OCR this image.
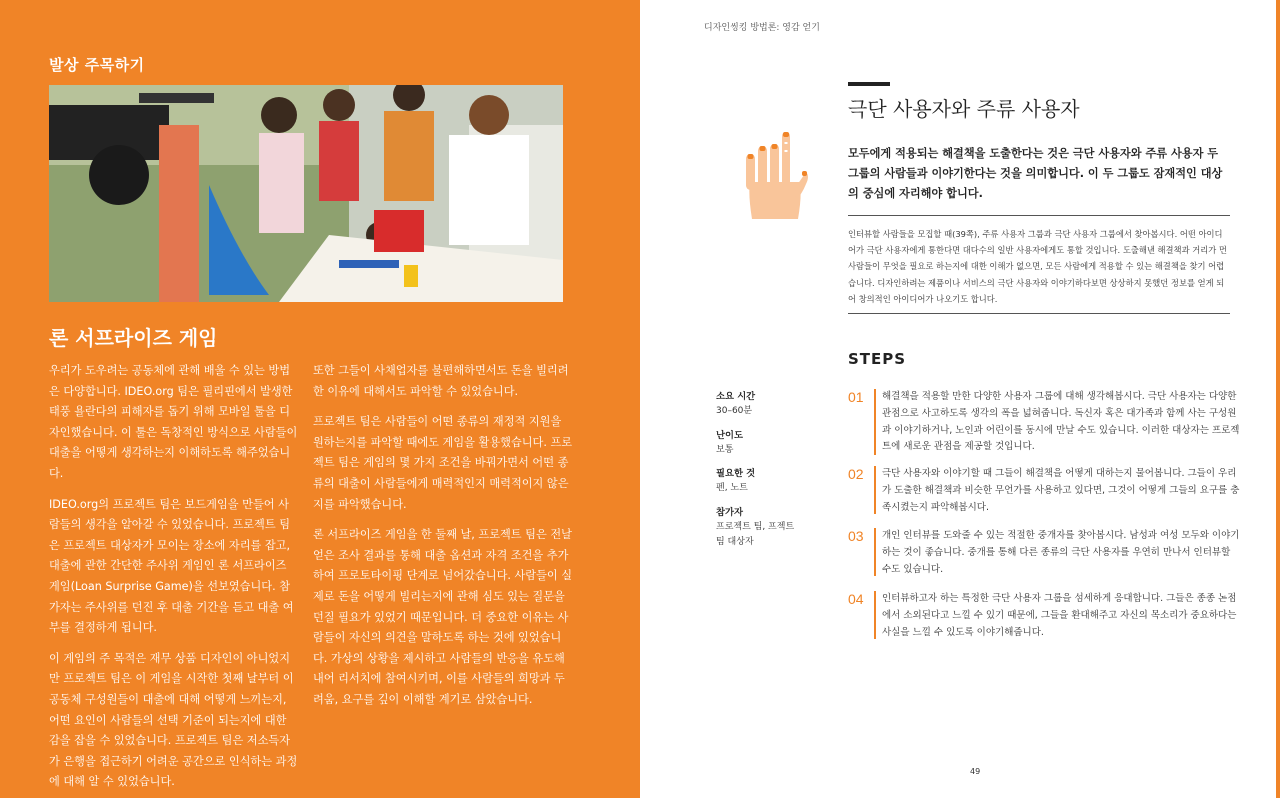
발상 주목하기
론 서프라이즈 게임

우리가 도우려는 공동체에 관해 배울 수 있는 방법은 다양합니다. IDEO.org 팀은 필리핀에서 발생한 태풍 욜란다의 피해자를 돕기 위해 모바일 툴을 디자인했습니다. 이 툴은 독창적인 방식으로 사람들이 대출을 어떻게 생각하는지 이해하도록 해주었습니다.

IDEO.org의 프로젝트 팀은 보드게임을 만들어 사람들의 생각을 알아갈 수 있었습니다. 프로젝트 팀은 프로젝트 대상자가 모이는 장소에 자리를 잡고, 대출에 관한 간단한 주사위 게임인 론 서프라이즈 게임(Loan Surprise Game)을 선보였습니다. 참가자는 주사위를 던진 후 대출 기간을 듣고 대출 여부를 결정하게 됩니다.

이 게임의 주 목적은 재무 상품 디자인이 아니었지만 프로젝트 팀은 이 게임을 시작한 첫째 날부터 이 공동체 구성원들이 대출에 대해 어떻게 느끼는지, 어떤 요인이 사람들의 선택 기준이 되는지에 대한 감을 잡을 수 있었습니다. 프로젝트 팀은 저소득자가 은행을 접근하기 어려운 공간으로 인식하는 과정에 대해 알 수 있었습니다.

또한 그들이 사채업자를 불편해하면서도 돈을 빌리려 한 이유에 대해서도 파악할 수 있었습니다.

프로젝트 팀은 사람들이 어떤 종류의 재정적 지원을 원하는지를 파악할 때에도 게임을 활용했습니다. 프로젝트 팀은 게임의 몇 가지 조건을 바꿔가면서 어떤 종류의 대출이 사람들에게 매력적인지 매력적이지 않은지를 파악했습니다.

론 서프라이즈 게임을 한 둘째 날, 프로젝트 팀은 전날 얻은 조사 결과를 통해 대출 옵션과 자격 조건을 추가하여 프로토타이핑 단계로 넘어갔습니다. 사람들이 실제로 돈을 어떻게 빌리는지에 관해 심도 있는 질문을 던질 필요가 있었기 때문입니다. 더 중요한 이유는 사람들이 자신의 의견을 말하도록 하는 것에 있었습니다. 가상의 상황을 제시하고 사람들의 반응을 유도해내어 리서치에 참여시키며, 이를 사람들의 희망과 두려움, 요구를 깊이 이해할 계기로 삼았습니다.

디자인씽킹 방법론: 영감 얻기
극단 사용자와 주류 사용자
모두에게 적용되는 해결책을 도출한다는 것은 극단 사용자와 주류 사용자 두 그룹의 사람들과 이야기한다는 것을 의미합니다. 이 두 그룹도 잠재적인 대상의 중심에 자리해야 합니다.
인터뷰할 사람들을 모집할 때(39쪽), 주류 사용자 그룹과 극단 사용자 그룹에서 찾아봅시다. 어떤 아이디어가 극단 사용자에게 통한다면 대다수의 일반 사용자에게도 통할 것입니다. 도출해낸 해결책과 거리가 먼 사람들이 무엇을 필요로 하는지에 대한 이해가 없으면, 모든 사람에게 적용할 수 있는 해결책을 찾기 어렵습니다. 디자인하려는 제품이나 서비스의 극단 사용자와 이야기하다보면 상상하지 못했던 정보를 얻게 되어 창의적인 아이디어가 나오기도 합니다.
STEPS
소요 시간
30–60분
난이도
보통
필요한 것
펜, 노트
참가자
프로젝트 팀, 프젝트팀 대상자
01 해결책을 적용할 만한 다양한 사용자 그룹에 대해 생각해봅시다. 극단 사용자는 다양한 관점으로 사고하도록 생각의 폭을 넓혀줍니다. 독신자 혹은 대가족과 함께 사는 구성원과 이야기하거나, 노인과 어린이를 동시에 만날 수도 있습니다. 이러한 대상자는 프로젝트에 새로운 관점을 제공할 것입니다.
02 극단 사용자와 이야기할 때 그들이 해결책을 어떻게 대하는지 물어봅니다. 그들이 우리가 도출한 해결책과 비슷한 무언가를 사용하고 있다면, 그것이 어떻게 그들의 요구를 충족시켰는지 파악해봅시다.
03 개인 인터뷰를 도와줄 수 있는 적절한 중개자를 찾아봅시다. 남성과 여성 모두와 이야기하는 것이 좋습니다. 중개를 통해 다른 종류의 극단 사용자를 우연히 만나서 인터뷰할 수도 있습니다.
04 인터뷰하고자 하는 특정한 극단 사용자 그룹을 섬세하게 응대합니다. 그들은 종종 논점에서 소외된다고 느낄 수 있기 때문에, 그들을 환대해주고 자신의 목소리가 중요하다는 사실을 느낄 수 있도록 이야기해줍니다.
49
